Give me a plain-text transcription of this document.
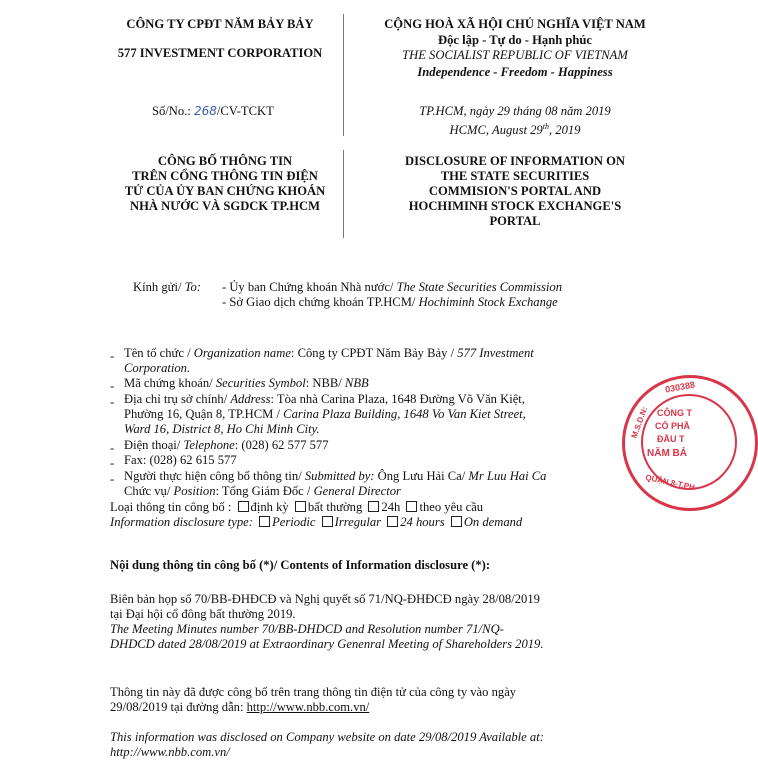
CÔNG TY CPĐT NĂM BẢY BẢY
577 INVESTMENT CORPORATION
Số/No.: 268/CV-TCKT
CỘNG HOÀ XÃ HỘI CHỦ NGHĨA VIỆT NAM
Độc lập - Tự do - Hạnh phúc
THE SOCIALIST REPUBLIC OF VIETNAM
Independence - Freedom - Happiness
TP.HCM, ngày 29 tháng 08 năm 2019
HCMC, August 29th, 2019
CÔNG BỐ THÔNG TIN
TRÊN CỔNG THÔNG TIN ĐIỆN
TỬ CỦA ỦY BAN CHỨNG KHOÁN
NHÀ NƯỚC VÀ SGDCK TP.HCM
DISCLOSURE OF INFORMATION ON
THE STATE SECURITIES
COMMISION'S PORTAL AND
HOCHIMINH STOCK EXCHANGE'S
PORTAL
Kính gửi/ To: - Ủy ban Chứng khoán Nhà nước/ The State Securities Commission
- Sở Giao dịch chứng khoán TP.HCM/ Hochiminh Stock Exchange
- Tên tổ chức / Organization name: Công ty CPĐT Năm Bảy Bảy / 577 Investment
Corporation.
- Mã chứng khoán/ Securities Symbol: NBB/ NBB
- Địa chỉ trụ sở chính/ Address: Tòa nhà Carina Plaza, 1648 Đường Võ Văn Kiệt,
Phường 16, Quận 8, TP.HCM / Carina Plaza Building, 1648 Vo Van Kiet Street,
Ward 16, District 8, Ho Chi Minh City.
- Điện thoại/ Telephone: (028) 62 577 577
- Fax: (028) 62 615 577
- Người thực hiện công bố thông tin/ Submitted by: Ông Lưu Hải Ca/ Mr Luu Hai Ca
Chức vụ/ Position: Tổng Giám Đốc / General Director
Loại thông tin công bố : định kỳ bất thường 24h theo yêu cầu
Information disclosure type: Periodic Irregular 24 hours On demand
Nội dung thông tin công bố (*)/ Contents of Information disclosure (*):
Biên bản họp số 70/BB-ĐHĐCĐ và Nghị quyết số 71/NQ-ĐHĐCĐ ngày 28/08/2019
tại Đại hội cổ đông bất thường 2019.
The Meeting Minutes number 70/BB-DHDCD and Resolution number 71/NQ-
DHDCD dated 28/08/2019 at Extraordinary Genenral Meeting of Shareholders 2019.
Thông tin này đã được công bố trên trang thông tin điện tử của công ty vào ngày
29/08/2019 tại đường dẫn: http://www.nbb.com.vn/
This information was disclosed on Company website on date 29/08/2019 Available at:
http://www.nbb.com.vn/
030388
M.S.D.N: CÔNG T
CỔ PHẦ
ĐẦU T
NĂM BẢ
QUẬN 8-T.PH
